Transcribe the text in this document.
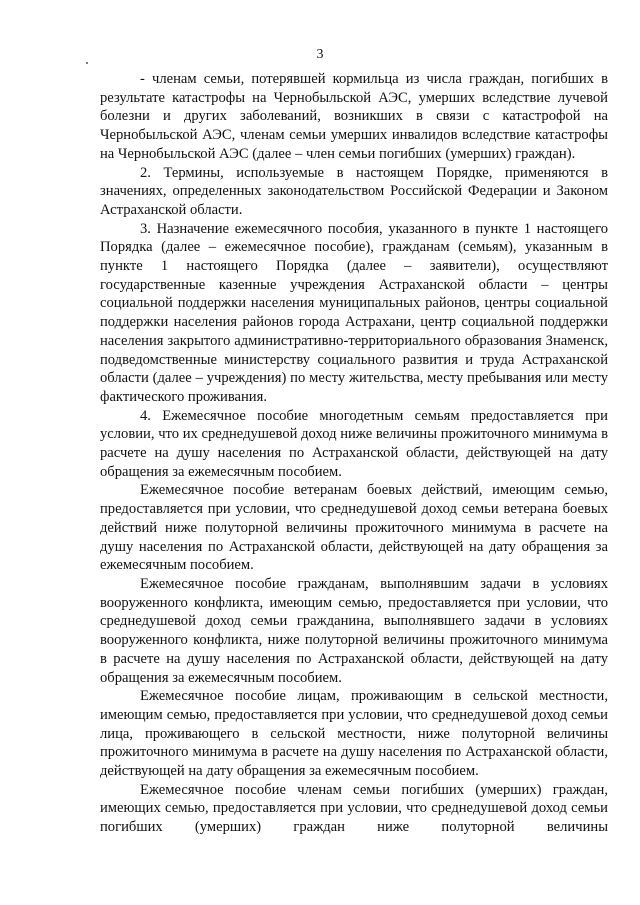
3

- членам семьи, потерявшей кормильца из числа граждан, погибших в результате катастрофы на Чернобыльской АЭС, умерших вследствие лучевой болезни и других заболеваний, возникших в связи с катастрофой на Чернобыльской АЭС, членам семьи умерших инвалидов вследствие катастрофы на Чернобыльской АЭС (далее – член семьи погибших (умерших) граждан).

2. Термины, используемые в настоящем Порядке, применяются в значениях, определенных законодательством Российской Федерации и Законом Астраханской области.

3. Назначение ежемесячного пособия, указанного в пункте 1 настоящего Порядка (далее – ежемесячное пособие), гражданам (семьям), указанным в пункте 1 настоящего Порядка (далее – заявители), осуществляют государственные казенные учреждения Астраханской области – центры социальной поддержки населения муниципальных районов, центры социальной поддержки населения районов города Астрахани, центр социальной поддержки населения закрытого административно-территориального образования Знаменск, подведомственные министерству социального развития и труда Астраханской области (далее – учреждения) по месту жительства, месту пребывания или месту фактического проживания.

4. Ежемесячное пособие многодетным семьям предоставляется при условии, что их среднедушевой доход ниже величины прожиточного минимума в расчете на душу населения по Астраханской области, действующей на дату обращения за ежемесячным пособием.

Ежемесячное пособие ветеранам боевых действий, имеющим семью, предоставляется при условии, что среднедушевой доход семьи ветерана боевых действий ниже полуторной величины прожиточного минимума в расчете на душу населения по Астраханской области, действующей на дату обращения за ежемесячным пособием.

Ежемесячное пособие гражданам, выполнявшим задачи в условиях вооруженного конфликта, имеющим семью, предоставляется при условии, что среднедушевой доход семьи гражданина, выполнявшего задачи в условиях вооруженного конфликта, ниже полуторной величины прожиточного минимума в расчете на душу населения по Астраханской области, действующей на дату обращения за ежемесячным пособием.

Ежемесячное пособие лицам, проживающим в сельской местности, имеющим семью, предоставляется при условии, что среднедушевой доход семьи лица, проживающего в сельской местности, ниже полуторной величины прожиточного минимума в расчете на душу населения по Астраханской области, действующей на дату обращения за ежемесячным пособием.

Ежемесячное пособие членам семьи погибших (умерших) граждан, имеющих семью, предоставляется при условии, что среднедушевой доход семьи погибших (умерших) граждан ниже полуторной величины
